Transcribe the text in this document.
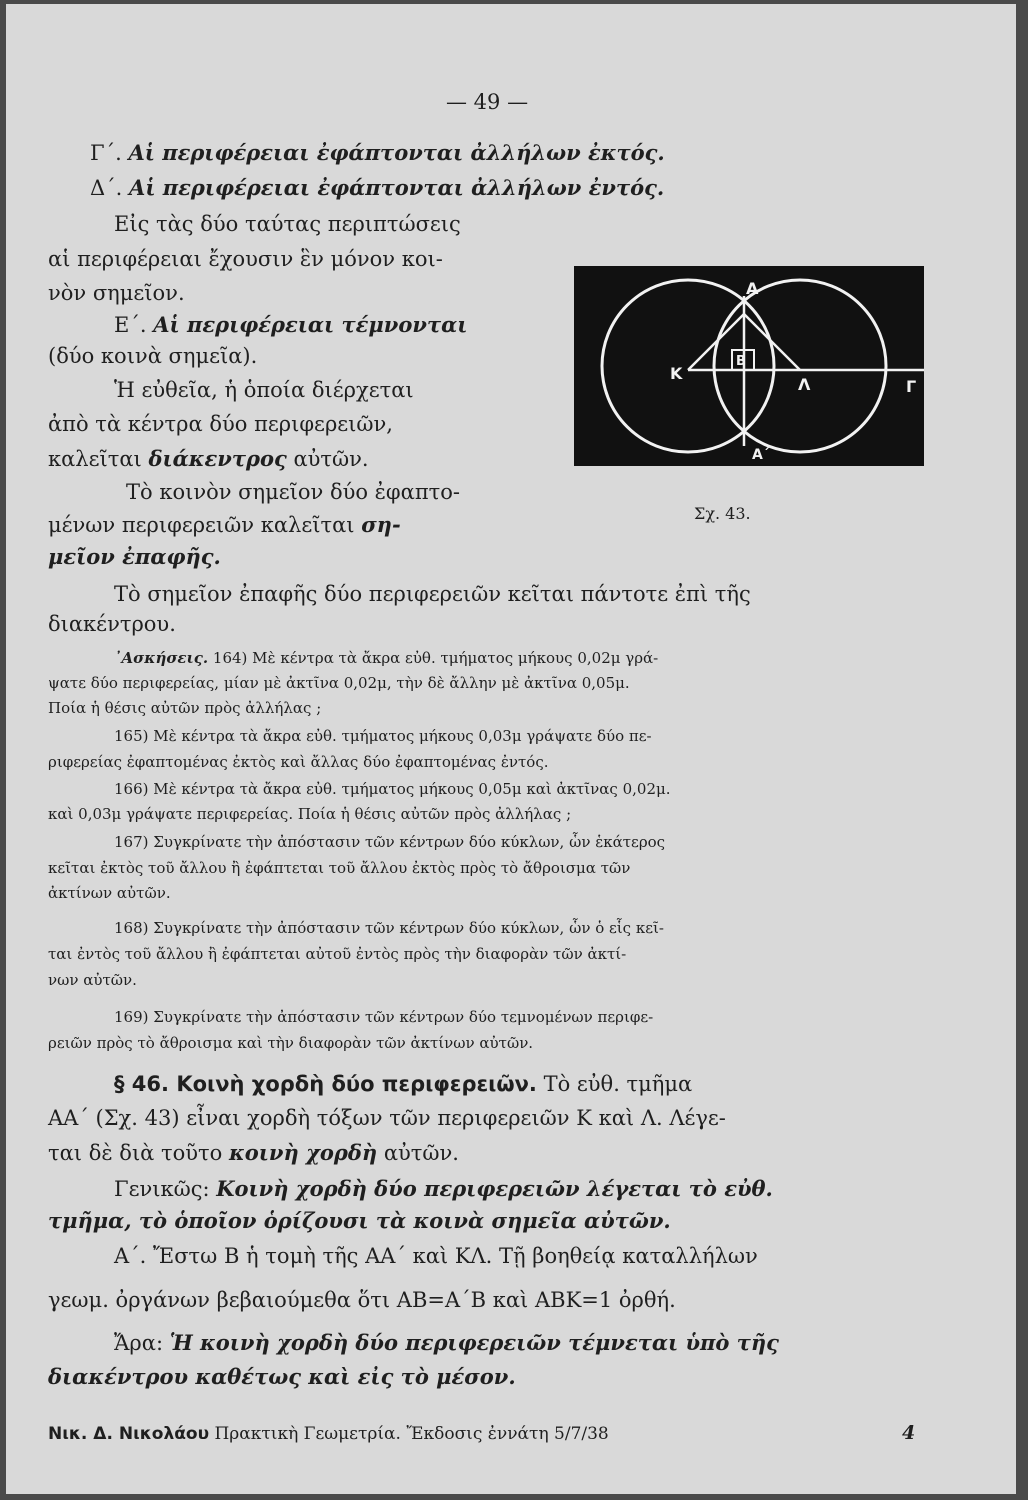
— 49 —
Γ΄. Αἱ περιφέρειαι ἐφάπτονται ἀλλήλων ἐκτός.
Δ΄. Αἱ περιφέρειαι ἐφάπτονται ἀλλήλων ἐντός.
Εἰς τὰς δύο ταύτας περιπτώσεις
αἱ περιφέρειαι ἔχουσιν ἓν μόνον κοι-
νὸν σημεῖον.
Ε΄. Αἱ περιφέρειαι τέμνονται
(δύο κοινὰ σημεῖα).
Ἡ εὐθεῖα, ἡ ὁποία διέρχεται
ἀπὸ τὰ κέντρα δύο περιφερειῶν,
καλεῖται διάκεντρος αὐτῶν.
Τὸ κοινὸν σημεῖον δύο ἐφαπτο-
μένων περιφερειῶν καλεῖται ση-
μεῖον ἐπαφῆς.
Α
Α΄
Β
Κ
Λ	Γ
Σχ. 43.
Τὸ σημεῖον ἐπαφῆς δύο περιφερειῶν κεῖται πάντοτε ἐπὶ τῆς
διακέντρου.
᾿Ασκήσεις. 164) Μὲ κέντρα τὰ ἄκρα εὐθ. τμήματος μήκους 0,02μ γρά-
ψατε δύο περιφερείας, μίαν μὲ ἀκτῖνα 0,02μ, τὴν δὲ ἄλλην μὲ ἀκτῖνα 0,05μ.
Ποία ἡ θέσις αὐτῶν πρὸς ἀλλήλας ;
165) Μὲ κέντρα τὰ ἄκρα εὐθ. τμήματος μήκους 0,03μ γράψατε δύο πε-
ριφερείας ἐφαπτομένας ἐκτὸς καὶ ἄλλας δύο ἐφαπτομένας ἐντός.
166) Μὲ κέντρα τὰ ἄκρα εὐθ. τμήματος μήκους 0,05μ καὶ ἀκτῖνας 0,02μ.
καὶ 0,03μ γράψατε περιφερείας. Ποία ἡ θέσις αὐτῶν πρὸς ἀλλήλας ;
167) Συγκρίνατε τὴν ἀπόστασιν τῶν κέντρων δύο κύκλων, ὧν ἑκάτερος
κεῖται ἐκτὸς τοῦ ἄλλου ἢ ἐφάπτεται τοῦ ἄλλου ἐκτὸς πρὸς τὸ ἄθροισμα τῶν
ἀκτίνων αὐτῶν.
168) Συγκρίνατε τὴν ἀπόστασιν τῶν κέντρων δύο κύκλων, ὧν ὁ εἷς κεῖ-
ται ἐντὸς τοῦ ἄλλου ἢ ἐφάπτεται αὐτοῦ ἐντὸς πρὸς τὴν διαφορὰν τῶν ἀκτί-
νων αὐτῶν.
169) Συγκρίνατε τὴν ἀπόστασιν τῶν κέντρων δύο τεμνομένων περιφε-
ρειῶν πρὸς τὸ ἄθροισμα καὶ τὴν διαφορὰν τῶν ἀκτίνων αὐτῶν.
§ 46. Κοινὴ χορδὴ δύο περιφερειῶν. Τὸ εὐθ. τμῆμα
ΑΑ΄ (Σχ. 43) εἶναι χορδὴ τόξων τῶν περιφερειῶν Κ καὶ Λ. Λέγε-
ται δὲ διὰ τοῦτο κοινὴ χορδὴ αὐτῶν.
Γενικῶς: Κοινὴ χορδὴ δύο περιφερειῶν λέγεται τὸ εὐθ.
τμῆμα, τὸ ὁποῖον ὁρίζουσι τὰ κοινὰ σημεῖα αὐτῶν.
Α΄. Ἔστω Β ἡ τομὴ τῆς ΑΑ΄ καὶ ΚΛ. Τῇ βοηθείᾳ καταλλήλων
γεωμ. ὀργάνων βεβαιούμεθα ὅτι ΑΒ=Α΄Β καὶ ΑΒΚ=1 ὀρθή.
Ἄρα: Ἡ κοινὴ χορδὴ δύο περιφερειῶν τέμνεται ὑπὸ τῆς
διακέντρου καθέτως καὶ εἰς τὸ μέσον.
Νικ. Δ. Νικολάου Πρακτικὴ Γεωμετρία. Ἔκδοσις ἐννάτη 5/7/38	4
